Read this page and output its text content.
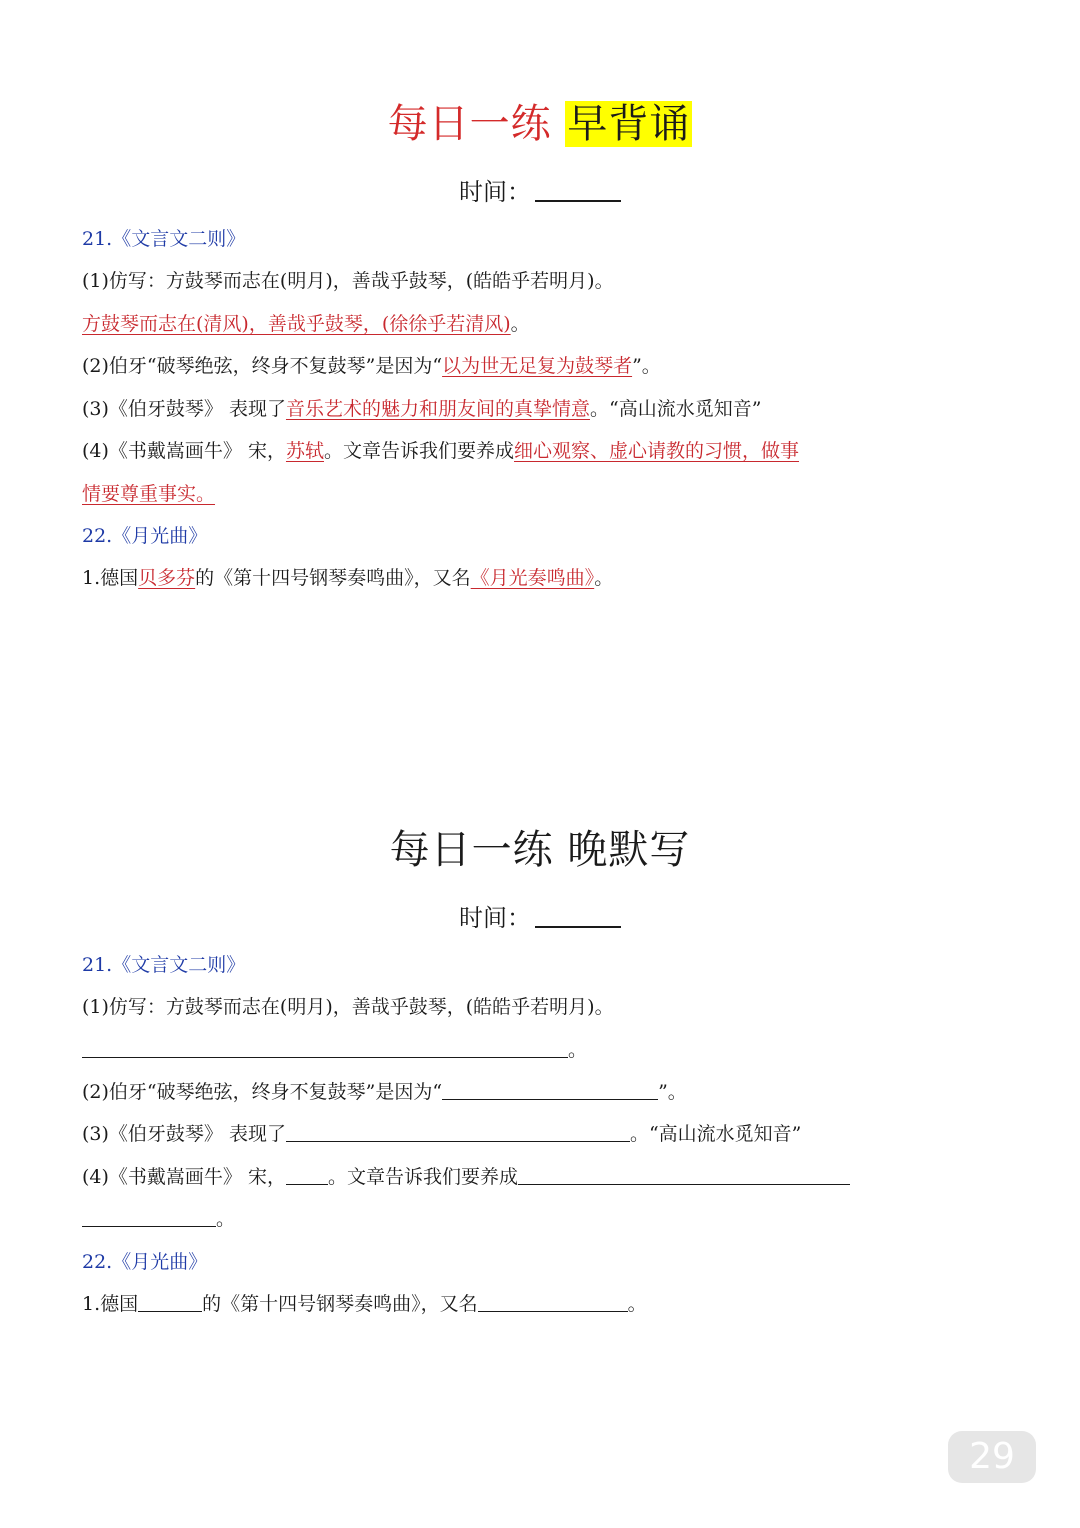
每日一练 早背诵
时间：
21.《文言文二则》
(1)仿写：方鼓琴而志在(明月)，善哉乎鼓琴，(皓皓乎若明月)。
方鼓琴而志在(清风)，善哉乎鼓琴，(徐徐乎若清风)。
(2)伯牙“破琴绝弦，终身不复鼓琴”是因为“以为世无足复为鼓琴者”。
(3)《伯牙鼓琴》 表现了音乐艺术的魅力和朋友间的真挚情意。“高山流水觅知音”
(4)《书戴嵩画牛》 宋，苏轼。文章告诉我们要养成细心观察、虚心请教的习惯，做事
情要尊重事实。
22.《月光曲》
1.德国贝多芬的《第十四号钢琴奏鸣曲》，又名《月光奏鸣曲》。
每日一练 晚默写
时间：
21.《文言文二则》
(1)仿写：方鼓琴而志在(明月)，善哉乎鼓琴，(皓皓乎若明月)。
。
(2)伯牙“破琴绝弦，终身不复鼓琴”是因为“	”。
(3)《伯牙鼓琴》 表现了	。“高山流水觅知音”
(4)《书戴嵩画牛》 宋， 。文章告诉我们要养成
。
22.《月光曲》
1.德国	的《第十四号钢琴奏鸣曲》，又名	。
29
